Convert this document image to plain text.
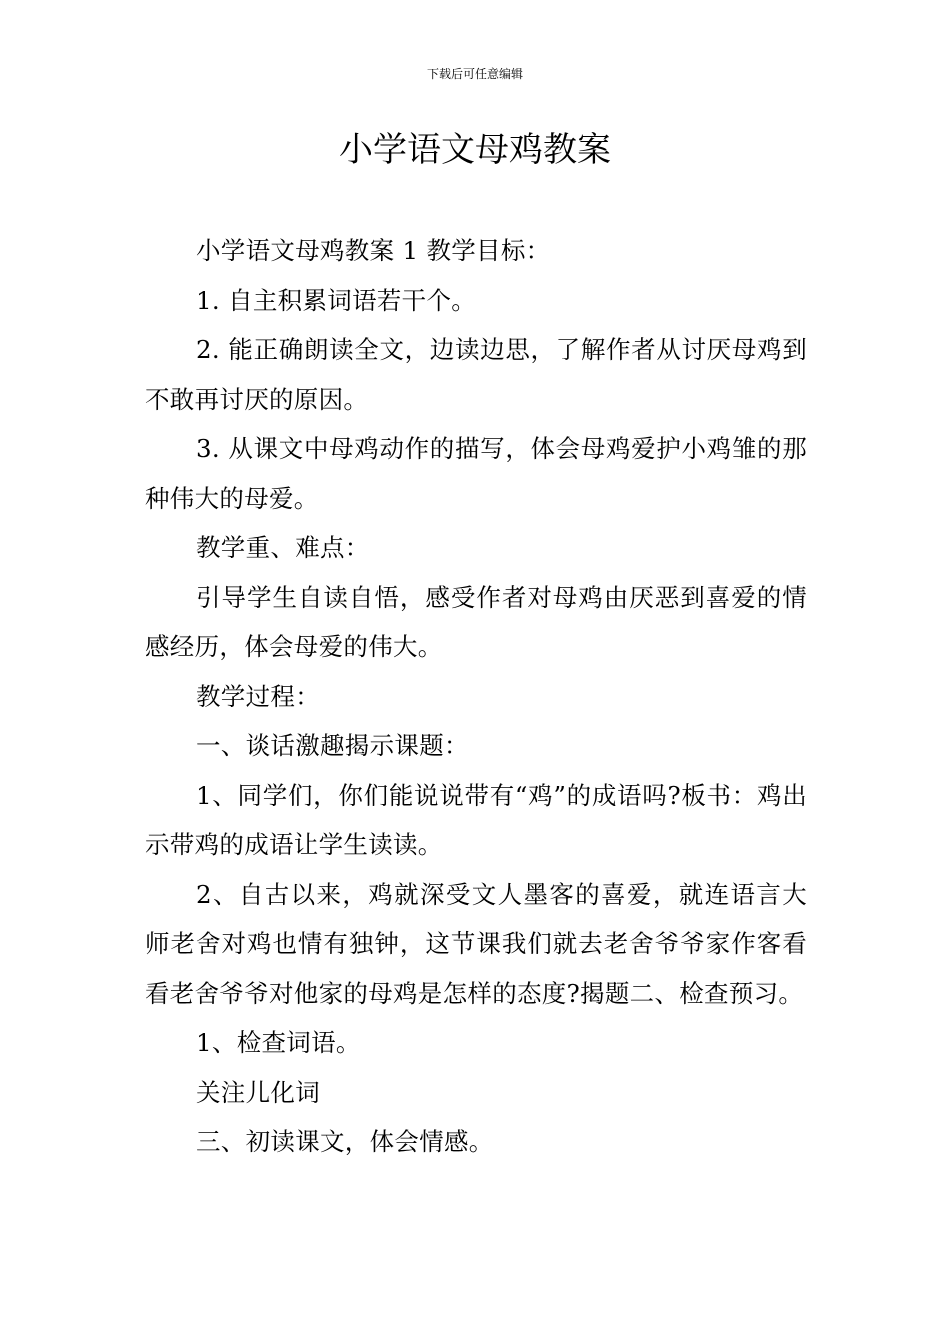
下载后可任意编辑
小学语文母鸡教案

小学语文母鸡教案 1 教学目标：

1. 自主积累词语若干个。

2. 能正确朗读全文，边读边思，了解作者从讨厌母鸡到不敢再讨厌的原因。

3. 从课文中母鸡动作的描写，体会母鸡爱护小鸡雏的那种伟大的母爱。

教学重、难点：

引导学生自读自悟，感受作者对母鸡由厌恶到喜爱的情感经历，体会母爱的伟大。

教学过程：

一、谈话激趣揭示课题：

1、同学们，你们能说说带有“鸡”的成语吗?板书：鸡出示带鸡的成语让学生读读。

2、自古以来，鸡就深受文人墨客的喜爱，就连语言大师老舍对鸡也情有独钟，这节课我们就去老舍爷爷家作客看看老舍爷爷对他家的母鸡是怎样的态度?揭题二、检查预习。

1、检查词语。

关注儿化词

三、初读课文，体会情感。
